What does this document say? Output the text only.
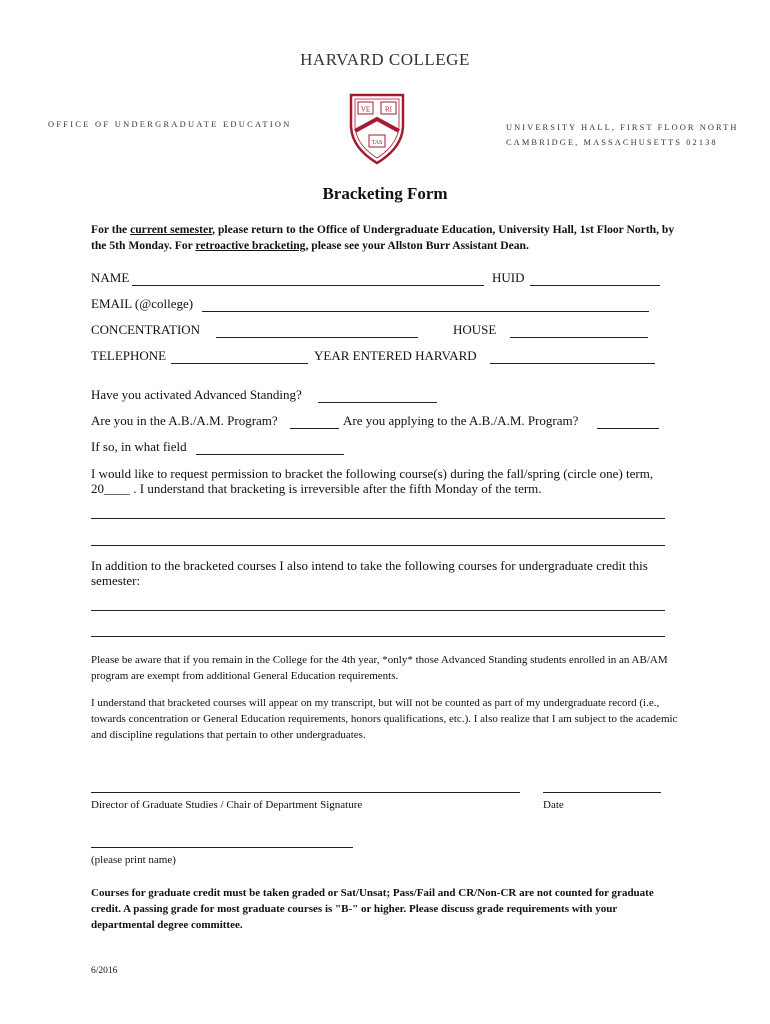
HARVARD COLLEGE
OFFICE OF UNDERGRADUATE EDUCATION	UNIVERSITY HALL, FIRST FLOOR NORTH
CAMBRIDGE, MASSACHUSETTS 02138
VE RI
TAS
Bracketing Form
For the current semester, please return to the Office of Undergraduate Education, University Hall, 1st Floor North, by the 5th Monday. For retroactive bracketing, please see your Allston Burr Assistant Dean.
NAME	HUID
EMAIL (@college)
CONCENTRATION	HOUSE
TELEPHONE	YEAR ENTERED HARVARD
Have you activated Advanced Standing?
Are you in the A.B./A.M. Program?	Are you applying to the A.B./A.M. Program?
If so, in what field
I would like to request permission to bracket the following course(s) during the fall/spring (circle one) term, 20____ . I understand that bracketing is irreversible after the fifth Monday of the term.
In addition to the bracketed courses I also intend to take the following courses for undergraduate credit this semester:
Please be aware that if you remain in the College for the 4th year, *only* those Advanced Standing students enrolled in an AB/AM program are exempt from additional General Education requirements.
I understand that bracketed courses will appear on my transcript, but will not be counted as part of my undergraduate record (i.e., towards concentration or General Education requirements, honors qualifications, etc.). I also realize that I am subject to the academic and discipline regulations that pertain to other undergraduates.
Director of Graduate Studies / Chair of Department Signature	Date
(please print name)
Courses for graduate credit must be taken graded or Sat/Unsat; Pass/Fail and CR/Non-CR are not counted for graduate credit. A passing grade for most graduate courses is "B-" or higher. Please discuss grade requirements with your departmental degree committee.
6/2016
